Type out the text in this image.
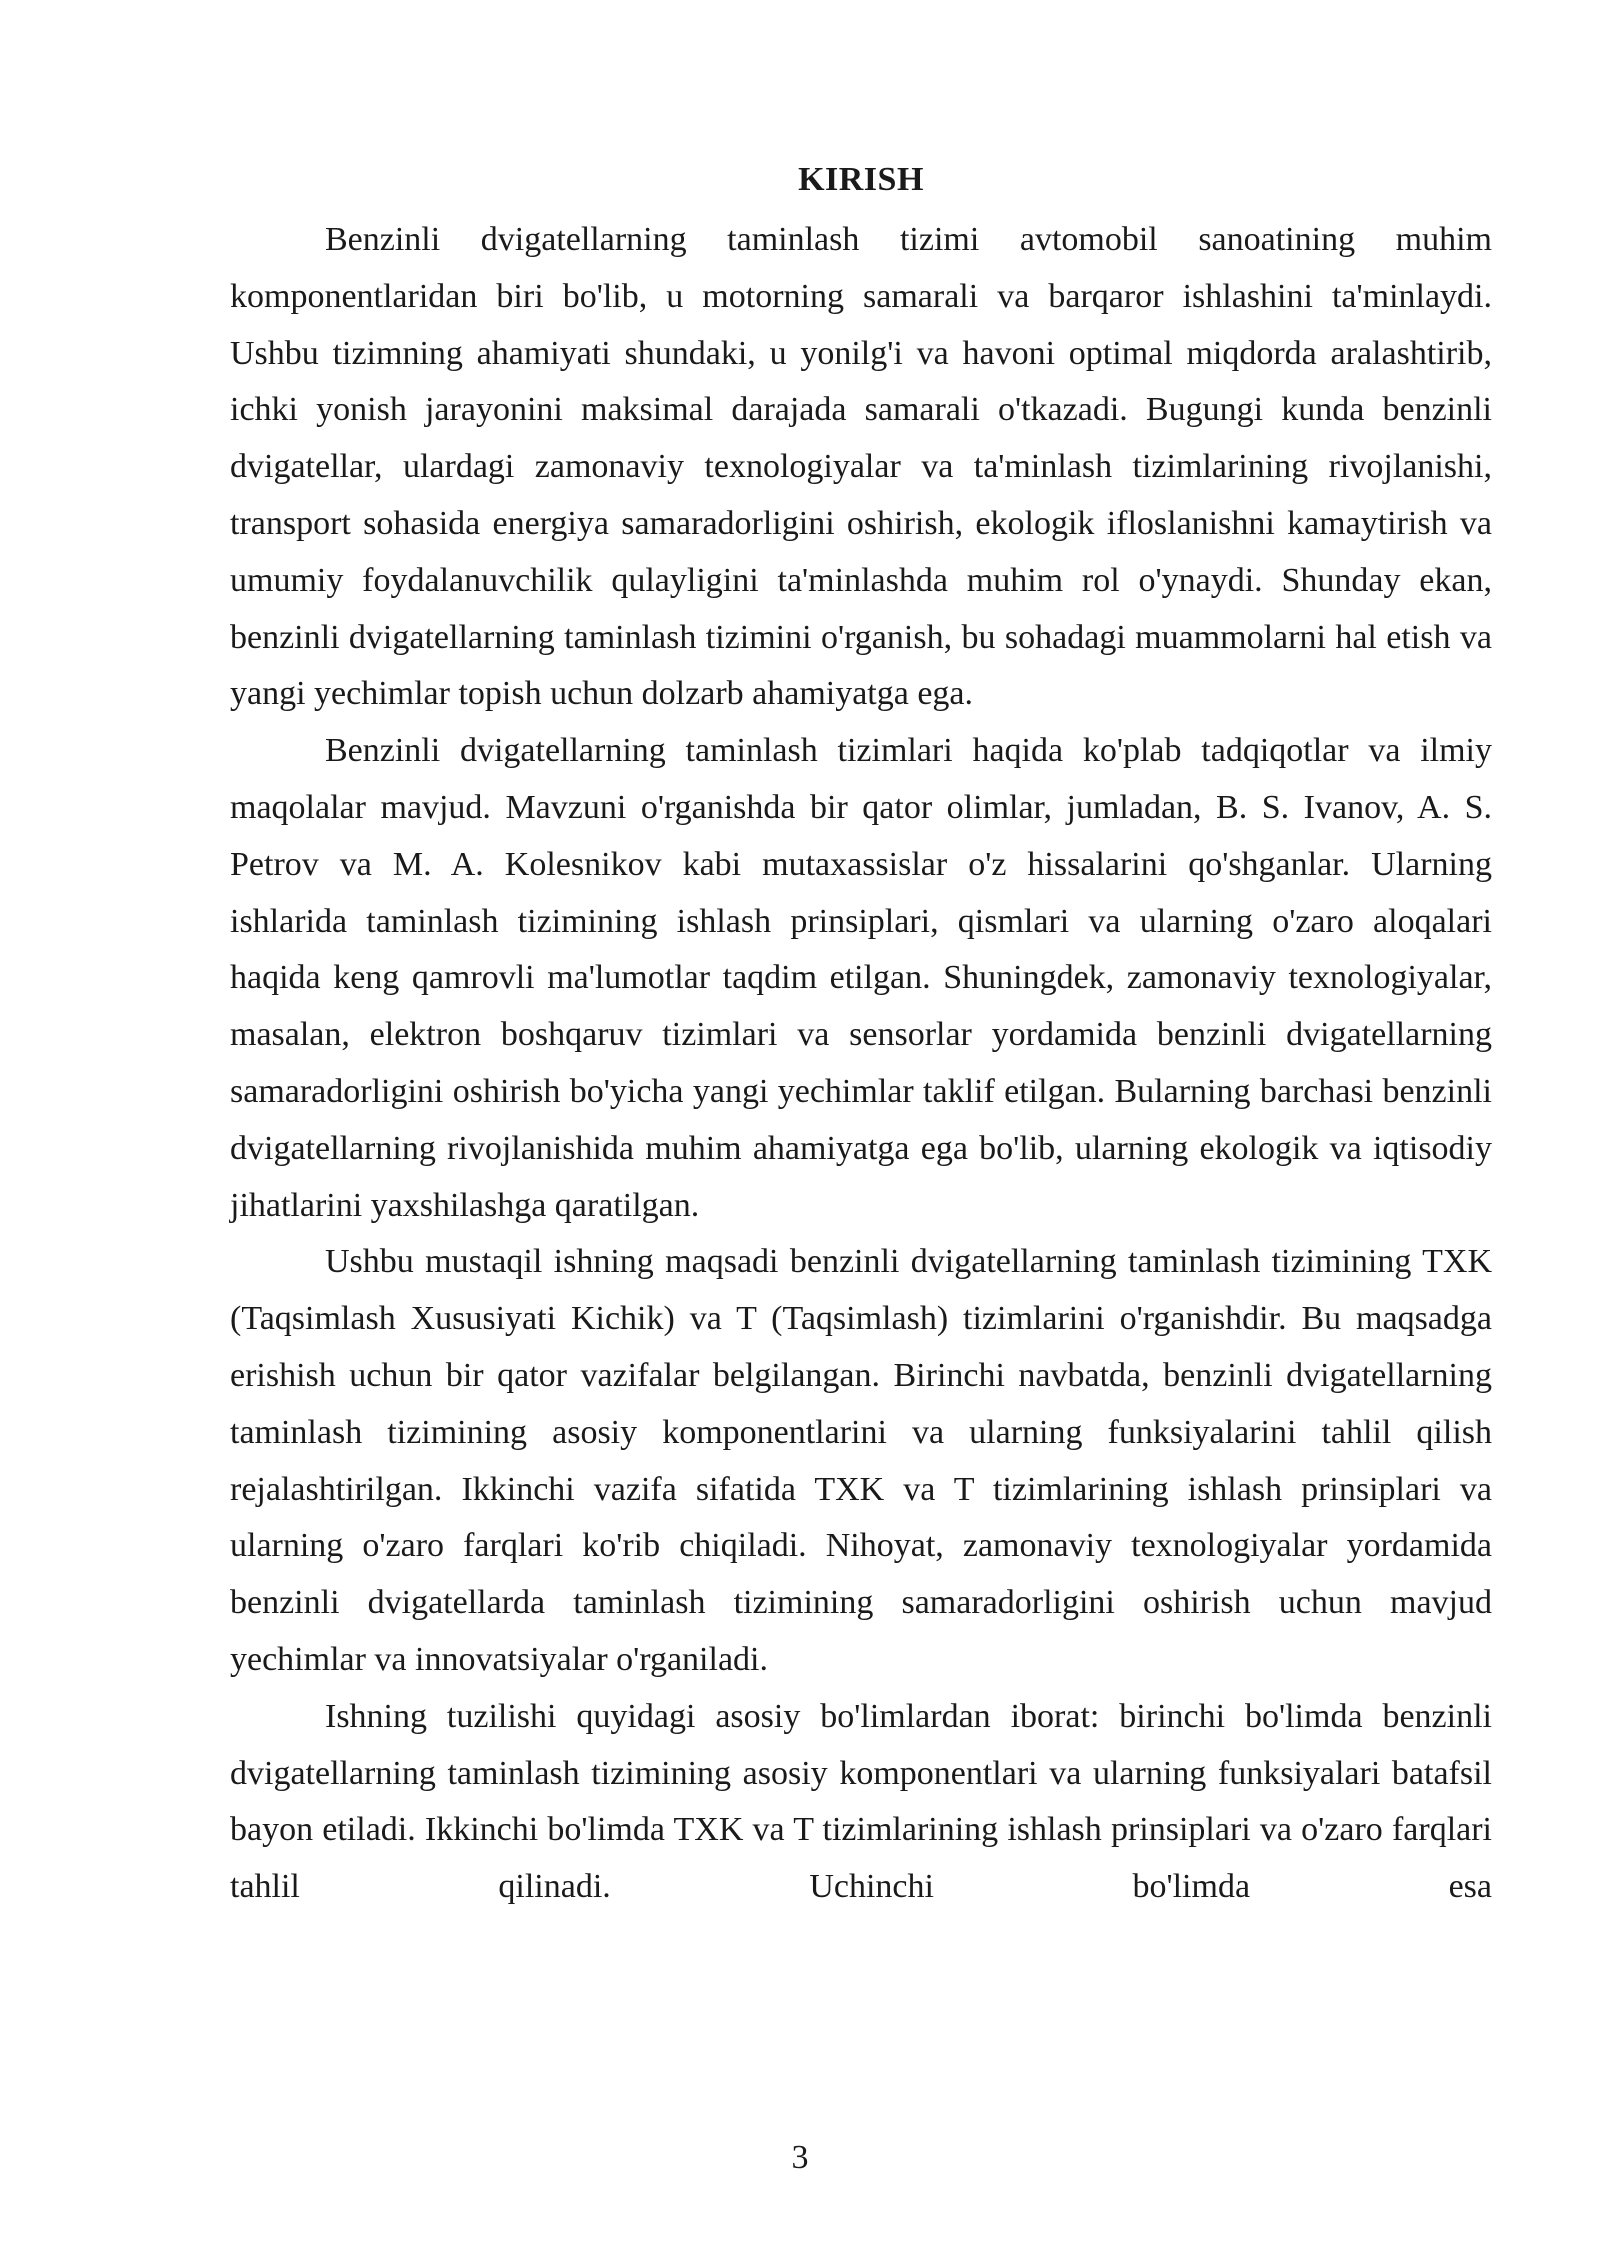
KIRISH

Benzinli dvigatellarning taminlash tizimi avtomobil sanoatining muhim komponentlaridan biri bo'lib, u motorning samarali va barqaror ishlashini ta'minlaydi. Ushbu tizimning ahamiyati shundaki, u yonilg'i va havoni optimal miqdorda aralashtirib, ichki yonish jarayonini maksimal darajada samarali o'tkazadi. Bugungi kunda benzinli dvigatellar, ulardagi zamonaviy texnologiyalar va ta'minlash tizimlarining rivojlanishi, transport sohasida energiya samaradorligini oshirish, ekologik ifloslanishni kamaytirish va umumiy foydalanuvchilik qulayligini ta'minlashda muhim rol o'ynaydi. Shunday ekan, benzinli dvigatellarning taminlash tizimini o'rganish, bu sohadagi muammolarni hal etish va yangi yechimlar topish uchun dolzarb ahamiyatga ega.

Benzinli dvigatellarning taminlash tizimlari haqida ko'plab tadqiqotlar va ilmiy maqolalar mavjud. Mavzuni o'rganishda bir qator olimlar, jumladan, B. S. Ivanov, A. S. Petrov va M. A. Kolesnikov kabi mutaxassislar o'z hissalarini qo'shganlar. Ularning ishlarida taminlash tizimining ishlash prinsiplari, qismlari va ularning o'zaro aloqalari haqida keng qamrovli ma'lumotlar taqdim etilgan. Shuningdek, zamonaviy texnologiyalar, masalan, elektron boshqaruv tizimlari va sensorlar yordamida benzinli dvigatellarning samaradorligini oshirish bo'yicha yangi yechimlar taklif etilgan. Bularning barchasi benzinli dvigatellarning rivojlanishida muhim ahamiyatga ega bo'lib, ularning ekologik va iqtisodiy jihatlarini yaxshilashga qaratilgan.

Ushbu mustaqil ishning maqsadi benzinli dvigatellarning taminlash tizimining TXK (Taqsimlash Xususiyati Kichik) va T (Taqsimlash) tizimlarini o'rganishdir. Bu maqsadga erishish uchun bir qator vazifalar belgilangan. Birinchi navbatda, benzinli dvigatellarning taminlash tizimining asosiy komponentlarini va ularning funksiyalarini tahlil qilish rejalashtirilgan. Ikkinchi vazifa sifatida TXK va T tizimlarining ishlash prinsiplari va ularning o'zaro farqlari ko'rib chiqiladi. Nihoyat, zamonaviy texnologiyalar yordamida benzinli dvigatellarda taminlash tizimining samaradorligini oshirish uchun mavjud yechimlar va innovatsiyalar o'rganiladi.

Ishning tuzilishi quyidagi asosiy bo'limlardan iborat: birinchi bo'limda benzinli dvigatellarning taminlash tizimining asosiy komponentlari va ularning funksiyalari batafsil bayon etiladi. Ikkinchi bo'limda TXK va T tizimlarining ishlash prinsiplari va o'zaro farqlari tahlil qilinadi. Uchinchi bo'limda esa

3
